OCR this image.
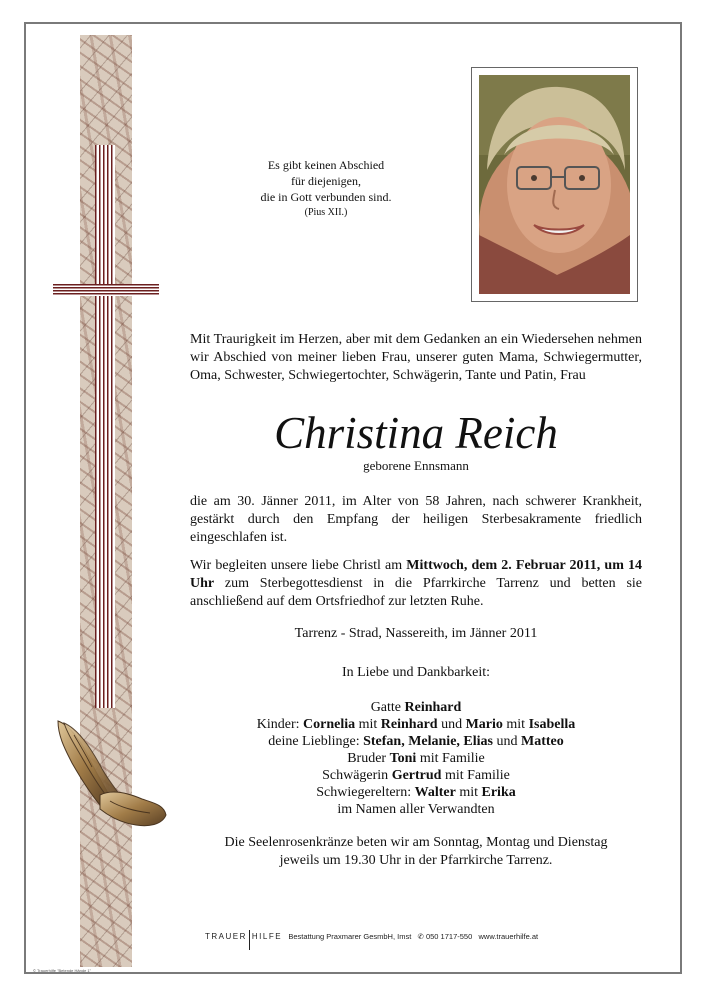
Es gibt keinen Abschied
für diejenigen,
die in Gott verbunden sind.
(Pius XII.)
Mit Traurigkeit im Herzen, aber mit dem Gedanken an ein Wiedersehen nehmen wir Abschied von meiner lieben Frau, unserer guten Mama, Schwiegermutter, Oma, Schwester, Schwiegertochter, Schwägerin, Tante und Patin, Frau
Christina Reich
geborene Ennsmann
die am 30. Jänner 2011, im Alter von 58 Jahren, nach schwerer Krankheit, gestärkt durch den Empfang der heiligen Sterbesakramente friedlich eingeschlafen ist.
Wir begleiten unsere liebe Christl am Mittwoch, dem 2. Februar 2011, um 14 Uhr zum Sterbegottesdienst in die Pfarrkirche Tarrenz und betten sie anschließend auf dem Ortsfriedhof zur letzten Ruhe.
Tarrenz - Strad, Nassereith, im Jänner 2011
In Liebe und Dankbarkeit:
Gatte Reinhard
Kinder: Cornelia mit Reinhard und Mario mit Isabella
deine Lieblinge: Stefan, Melanie, Elias und Matteo
Bruder Toni mit Familie
Schwägerin Gertrud mit Familie
Schwiegereltern: Walter mit Erika
im Namen aller Verwandten
Die Seelenrosenkränze beten wir am Sonntag, Montag und Dienstag
jeweils um 19.30 Uhr in der Pfarrkirche Tarrenz.
TRAUER HILFE Bestattung Praxmarer GesmbH, Imst ✆ 050 1717-550 www.trauerhilfe.at
© Trauerhilfe "Betende Hände 1"
